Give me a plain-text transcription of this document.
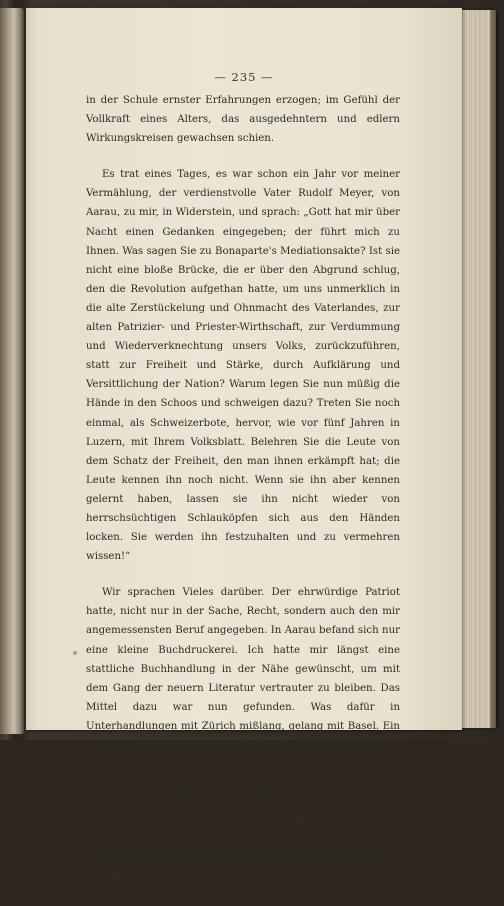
— 235 —

in der Schule ernster Erfahrungen erzogen; im Gefühl der Vollkraft eines Alters, das ausgedehntern und edlern Wirkungskreisen gewachsen schien.

Es trat eines Tages, es war schon ein Jahr vor meiner Vermählung, der verdienstvolle Vater Rudolf Meyer, von Aarau, zu mir, in Widerstein, und sprach: „Gott hat mir über Nacht einen Gedanken eingegeben; der führt mich zu Ihnen. Was sagen Sie zu Bonaparte's Mediationsakte? Ist sie nicht eine bloße Brücke, die er über den Abgrund schlug, den die Revolution aufgethan hatte, um uns unmerklich in die alte Zerstückelung und Ohnmacht des Vaterlandes, zur alten Patrizier- und Priester-Wirthschaft, zur Verdummung und Wiederverknechtung unsers Volks, zurückzuführen, statt zur Freiheit und Stärke, durch Aufklärung und Versittlichung der Nation? Warum legen Sie nun müßig die Hände in den Schoos und schweigen dazu? Treten Sie noch einmal, als Schweizerbote, hervor, wie vor fünf Jahren in Luzern, mit Ihrem Volksblatt. Belehren Sie die Leute von dem Schatz der Freiheit, den man ihnen erkämpft hat; die Leute kennen ihn noch nicht. Wenn sie ihn aber kennen gelernt haben, lassen sie ihn nicht wieder von herrschsüchtigen Schlauköpfen sich aus den Händen locken. Sie werden ihn festzuhalten und zu vermehren wissen!“

Wir sprachen Vieles darüber. Der ehrwürdige Patriot hatte, nicht nur in der Sache, Recht, sondern auch den mir angemessensten Beruf angegeben. In Aarau befand sich nur eine kleine Buchdruckerei. Ich hatte mir längst eine stattliche Buchhandlung in der Nähe gewünscht, um mit dem Gang der neuern Literatur vertrauter zu bleiben. Das Mittel dazu war nun gefunden. Was dafür in Unterhandlungen mit Zürich mißlang, gelang mit Basel. Ein junger, biederherziger Mann daselbst, Heinrich Remigius Sauerländer, Theilhaber einer dortigen Buchhandlung, erbot sich zur Erfüllung meines Wunsches; ließ sich in Aarau nieder, und mit Anfang des Jahres 1804 erschienen schon wöchentlich die Blätter meines „Schweizerboten.“

Einfach, bildlich, in des belehrungsarmen Volkes Denkart einläßlich; Thorheiten verspottend; Vorurtheile untergrabend; freisinnig,
